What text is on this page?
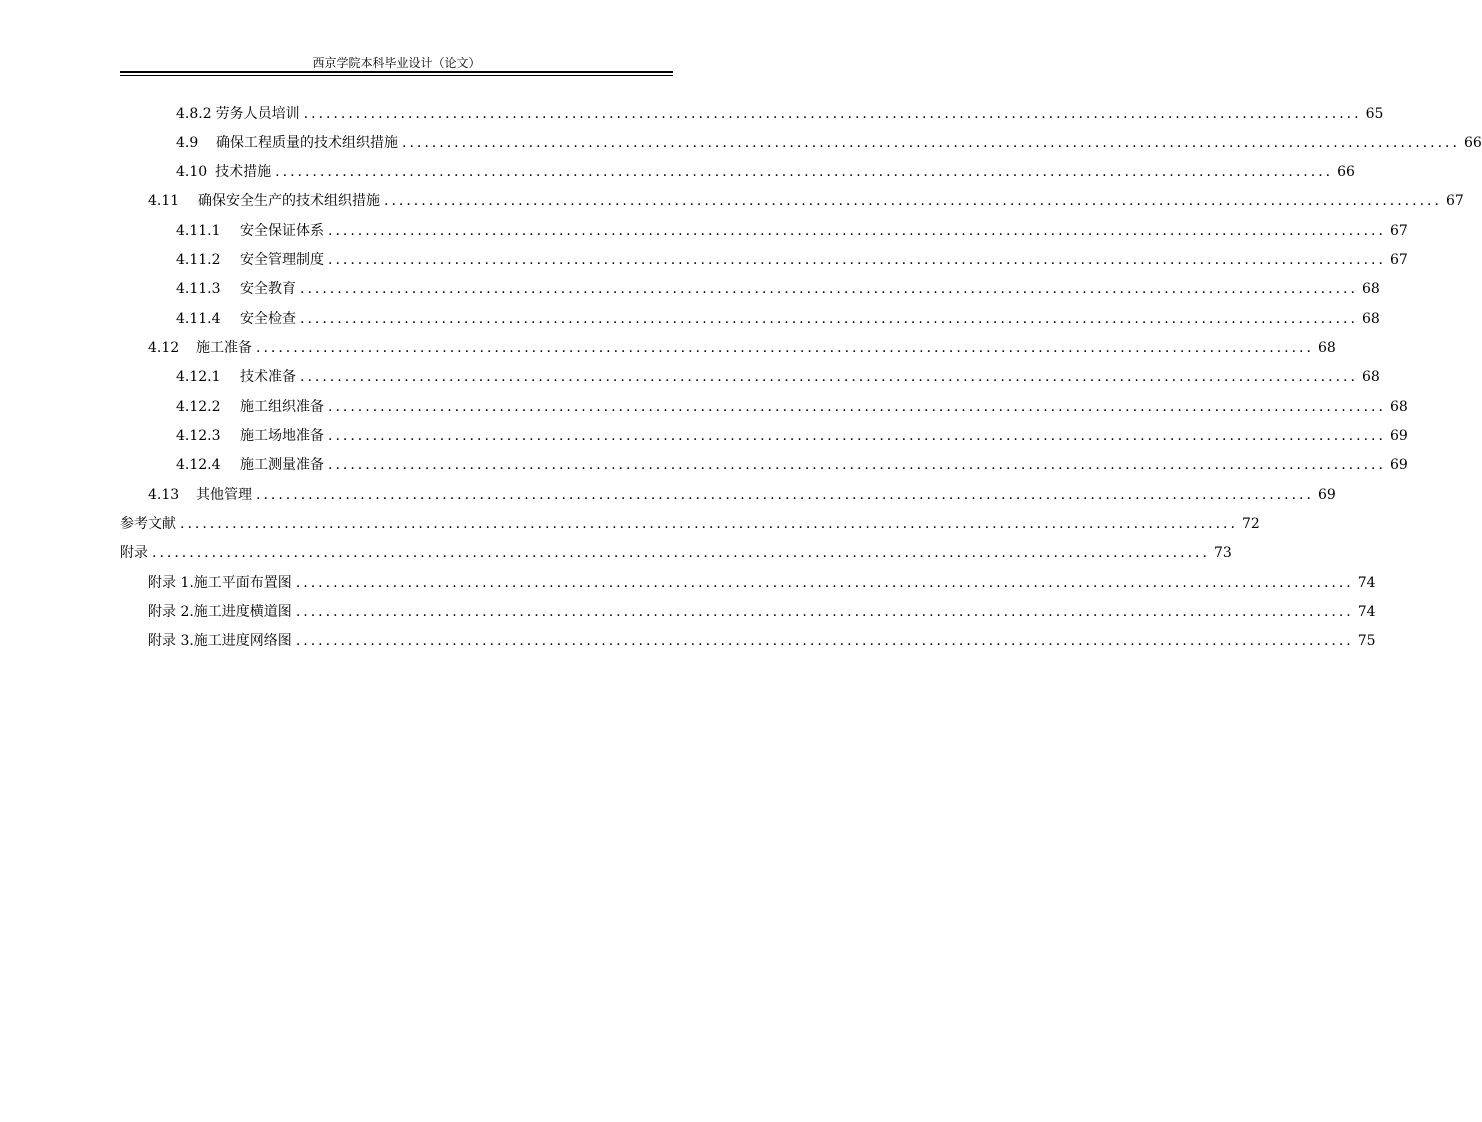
西京学院本科毕业设计（论文）
4.8.2 劳务人员培训 .............................................................................................................................................. 65
4.9	确保工程质量的技术组织措施 .............................................................................................................................................. 66
4.10 技术措施 .............................................................................................................................................. 66
4.11	确保安全生产的技术组织措施 .............................................................................................................................................. 67
4.11.1	安全保证体系 .............................................................................................................................................. 67
4.11.2	安全管理制度 .............................................................................................................................................. 67
4.11.3	安全教育 .............................................................................................................................................. 68
4.11.4	安全检查 .............................................................................................................................................. 68
4.12	施工准备 .............................................................................................................................................. 68
4.12.1	技术准备 .............................................................................................................................................. 68
4.12.2	施工组织准备 .............................................................................................................................................. 68
4.12.3	施工场地准备 .............................................................................................................................................. 69
4.12.4	施工测量准备 .............................................................................................................................................. 69
4.13	其他管理 .............................................................................................................................................. 69
参考文献 .............................................................................................................................................. 72
附录 .............................................................................................................................................. 73
附录 1.施工平面布置图 .............................................................................................................................................. 74
附录 2.施工进度横道图 .............................................................................................................................................. 74
附录 3.施工进度网络图 .............................................................................................................................................. 75
